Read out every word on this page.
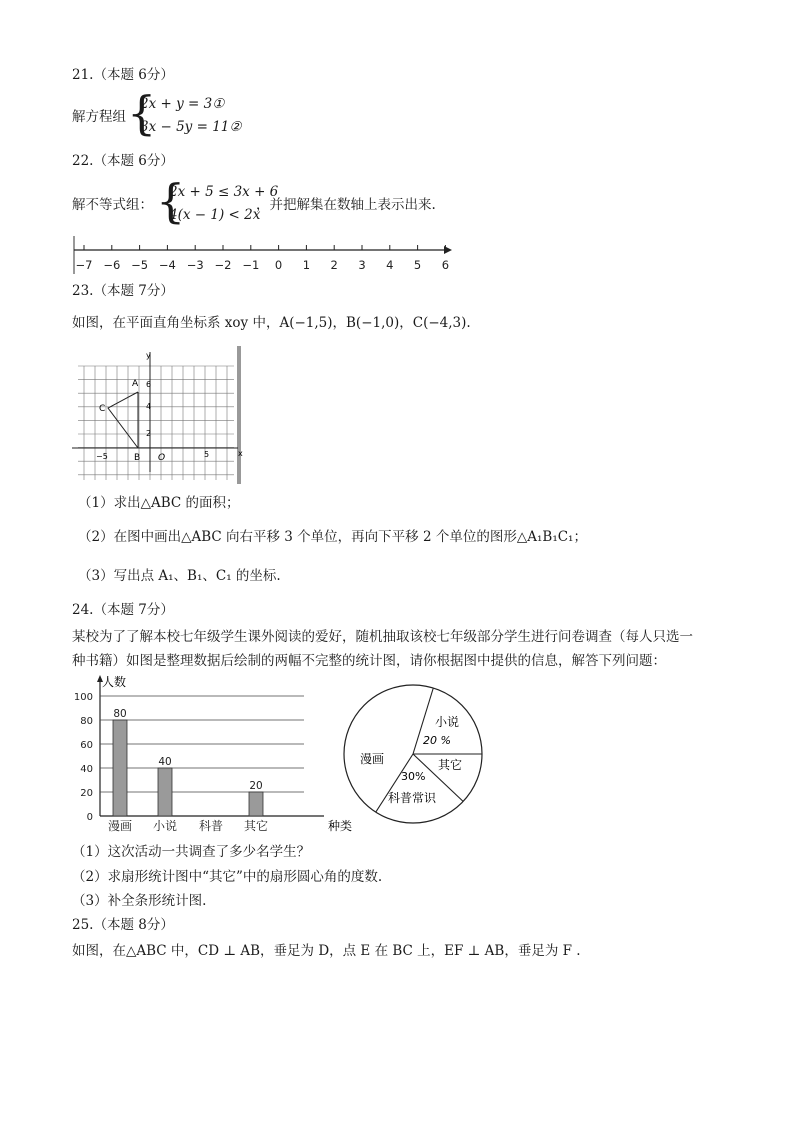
21.（本题 6分）
解方程组 {
2x + y = 3①
3x − 5y = 11②
22.（本题 6分）
解不等式组： {
2x + 5 ≤ 3x + 6
4(x − 1) < 2x
，并把解集在数轴上表示出来.
−7 −6 −5 −4 −3 −2 −1 0 1 2 3 4 5 6
23.（本题 7分）
如图，在平面直角坐标系 xoy 中，A(−1,5)，B(−1,0)，C(−4,3).
y
x
A
B
C
O
6
4
2
−5	5
（1）求出△ABC 的面积；
（2）在图中画出△ABC 向右平移 3 个单位，再向下平移 2 个单位的图形△A₁B₁C₁；
（3）写出点 A₁、B₁、C₁ 的坐标.
24.（本题 7分）
某校为了了解本校七年级学生课外阅读的爱好，随机抽取该校七年级部分学生进行问卷调查（每人只选一
种书籍）如图是整理数据后绘制的两幅不完整的统计图，请你根据图中提供的信息，解答下列问题：
0
20
40
60
80
100
80
40
20
漫画 小说 科普 其它
人数
种类
小说
20 %
其它
30%
科普常识
漫画
（1）这次活动一共调查了多少名学生？
（2）求扇形统计图中“其它”中的扇形圆心角的度数.
（3）补全条形统计图.
25.（本题 8分）
如图，在△ABC 中，CD ⊥ AB，垂足为 D，点 E 在 BC 上，EF ⊥ AB，垂足为 F .
